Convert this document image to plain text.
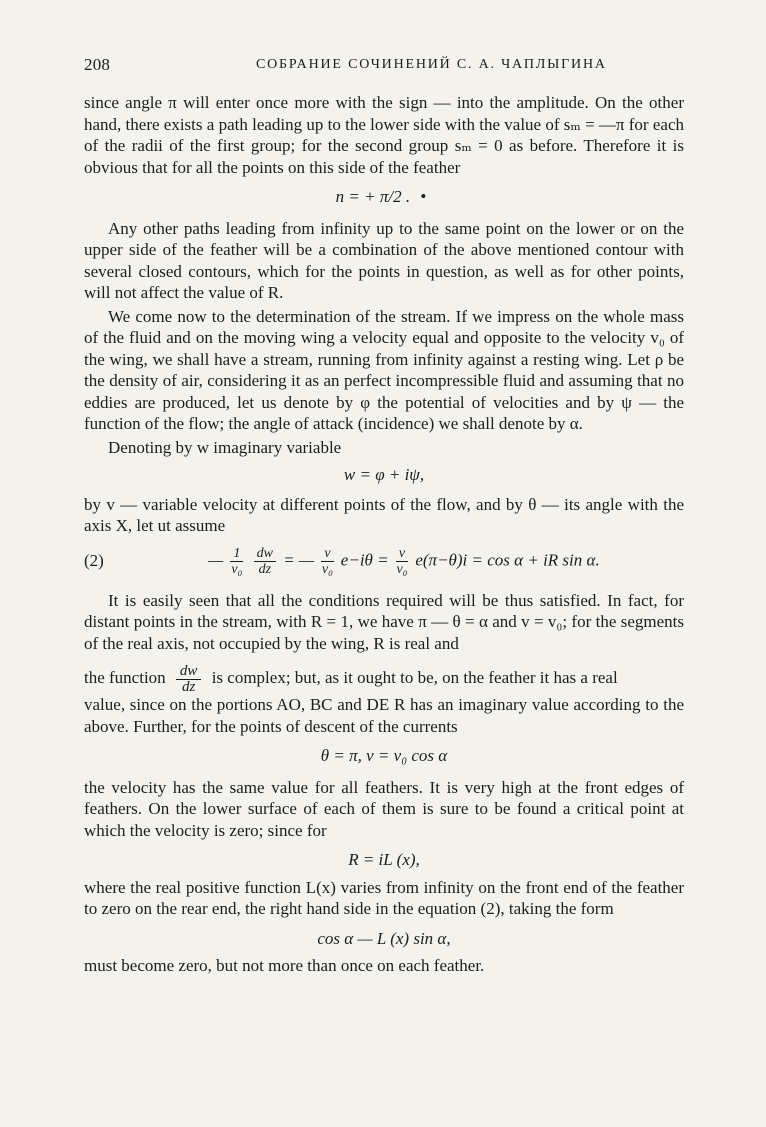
208	СОБРАНИЕ СОЧИНЕНИЙ С. А. ЧАПЛЫГИНА

since angle π will enter once more with the sign — into the amplitude. On the other hand, there exists a path leading up to the lower side with the value of sₘ = —π for each of the radii of the first group; for the second group sₘ = 0 as before. Therefore it is obvious that for all the points on this side of the feather

n = + π/2 . •

Any other paths leading from infinity up to the same point on the lower or on the upper side of the feather will be a combination of the above mentioned contour with several closed contours, which for the points in question, as well as for other points, will not affect the value of R.

We come now to the determination of the stream. If we impress on the whole mass of the fluid and on the moving wing a velocity equal and opposite to the velocity v₀ of the wing, we shall have a stream, running from infinity against a resting wing. Let ρ be the density of air, considering it as an perfect incompressible fluid and assuming that no eddies are produced, let us denote by φ the potential of velocities and by ψ — the function of the flow; the angle of attack (incidence) we shall denote by α.

Denoting by w imaginary variable

w = φ + iψ,

by v — variable velocity at different points of the flow, and by θ — its angle with the axis X, let ut assume

(2)	— $\frac{1}{\text{v₀}}$
$\frac{dw}{dz}$ = — $\frac{v}{\text{v₀}} e-i\theta = \frac{v}{\text{v₀}} e(\pi-\theta)i = \cos \alpha$ + iR sin α.

It is easily seen that all the conditions required will be thus satisfied. In fact, for distant points in the stream, with R = 1, we have π — θ = α and v = v₀; for the segments of the real axis, not occupied by the wing, R is real and

the function $\frac{dw}{dz}$ is complex; but, as it ought to be, on the feather it has a real

value, since on the portions AO, BC and DE R has an imaginary value according to the above. Further, for the points of descent of the currents

θ = π, v = v₀ cos α

the velocity has the same value for all feathers. It is very high at the front edges of feathers. On the lower surface of each of them is sure to be found a critical point at which the velocity is zero; since for

R = iL (x),

where the real positive function L(x) varies from infinity on the front end of the feather to zero on the rear end, the right hand side in the equation (2), taking the form

cos α — L (x) sin α,

must become zero, but not more than once on each feather.
